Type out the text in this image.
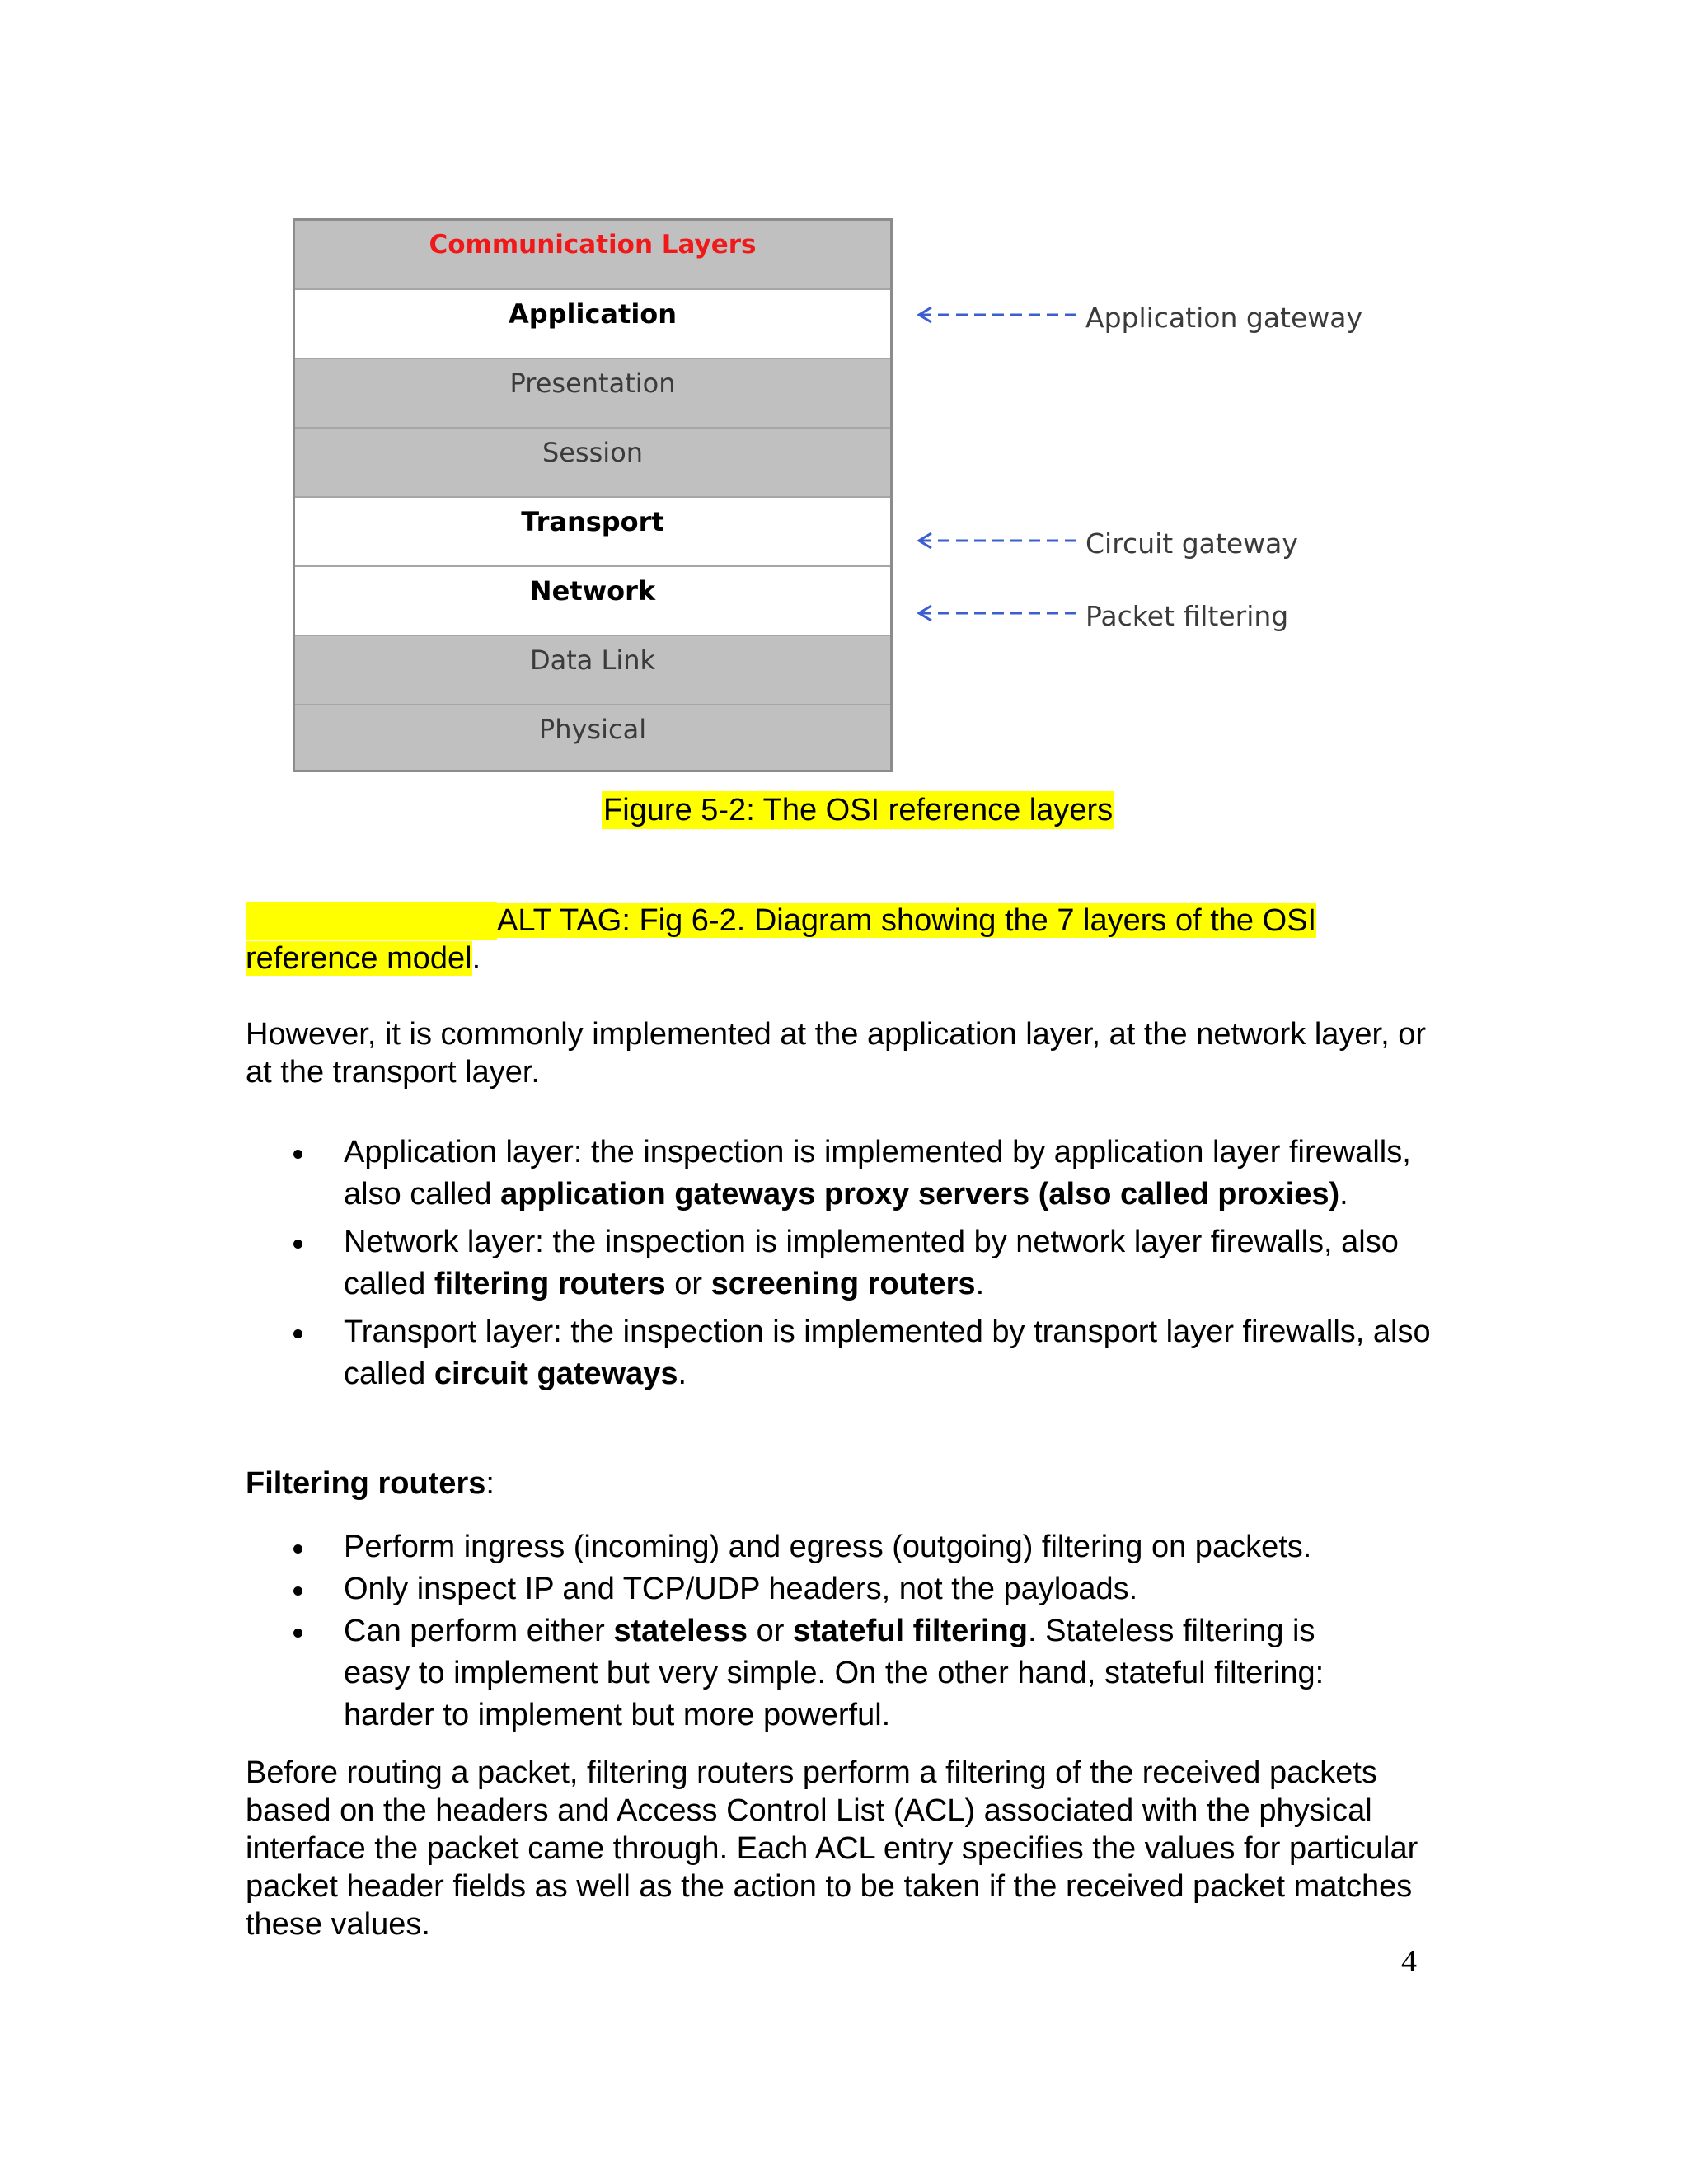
Communication Layers
Application
Presentation
Session
Transport
Network
Data Link
Physical
Application gateway
Circuit gateway
Packet filtering
Figure 5-2: The OSI reference layers
ALT TAG: Fig 6-2. Diagram showing the 7 layers of the OSI
reference model.
However, it is commonly implemented at the application layer, at the network layer, or at the transport layer.
Application layer: the inspection is implemented by application layer firewalls, also called application gateways proxy servers (also called proxies).
Network layer: the inspection is implemented by network layer firewalls, also called filtering routers or screening routers.
Transport layer: the inspection is implemented by transport layer firewalls, also called circuit gateways.
Filtering routers:
Perform ingress (incoming) and egress (outgoing) filtering on packets.
Only inspect IP and TCP/UDP headers, not the payloads.
Can perform either stateless or stateful filtering. Stateless filtering is easy to implement but very simple. On the other hand, stateful filtering: harder to implement but more powerful.
Before routing a packet, filtering routers perform a filtering of the received packets based on the headers and Access Control List (ACL) associated with the physical interface the packet came through. Each ACL entry specifies the values for particular packet header fields as well as the action to be taken if the received packet matches these values.
4
